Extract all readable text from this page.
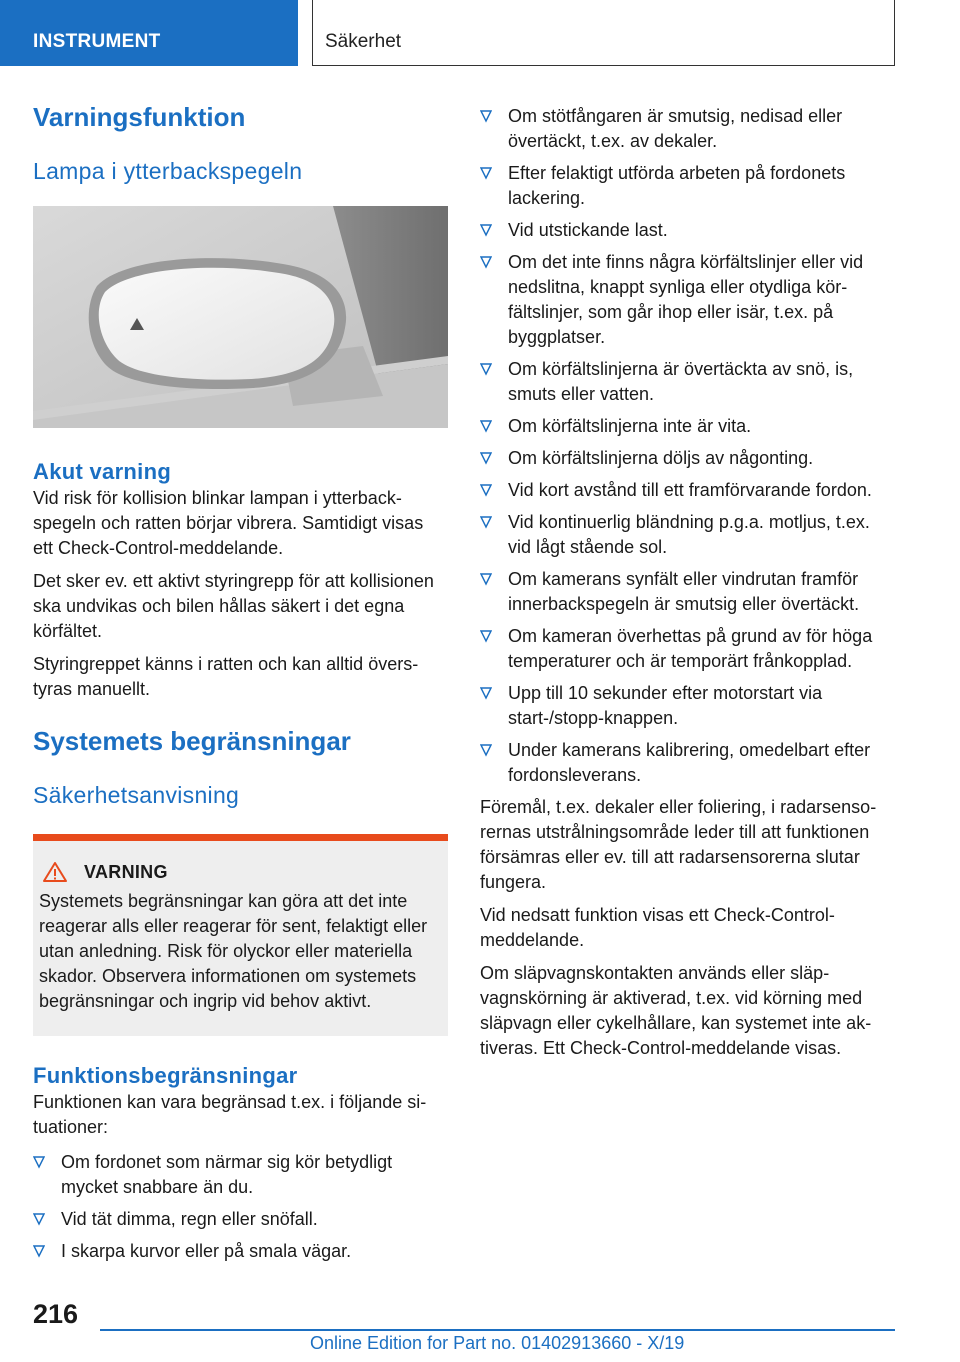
INSTRUMENT	Säkerhet
Varningsfunktion
Lampa i ytterbackspegeln
Akut varning

Vid risk för kollision blinkar lampan i ytterbackspegeln och ratten börjar vibrera. Samtidigt visas ett Check-Control-meddelande.

Det sker ev. ett aktivt styringrepp för att kollisionen ska undvikas och bilen hållas säkert i det egna körfältet.

Styringreppet känns i ratten och kan alltid överstyras manuellt.

Systemets begränsningar
Säkerhetsanvisning
VARNING

Systemets begränsningar kan göra att det inte reagerar alls eller reagerar för sent, felaktigt eller utan anledning. Risk för olyckor eller materiella skador. Observera informationen om systemets begränsningar och ingrip vid behov aktivt.

Funktionsbegränsningar

Funktionen kan vara begränsad t.ex. i följande situationer:

Om fordonet som närmar sig kör betydligt mycket snabbare än du.
Vid tät dimma, regn eller snöfall.
I skarpa kurvor eller på smala vägar.
Om stötfångaren är smutsig, nedisad eller övertäckt, t.ex. av dekaler.
Efter felaktigt utförda arbeten på fordonets lackering.
Vid utstickande last.
Om det inte finns några körfältslinjer eller vid nedslitna, knappt synliga eller otydliga körfältslinjer, som går ihop eller isär, t.ex. på byggplatser.
Om körfältslinjerna är övertäckta av snö, is, smuts eller vatten.
Om körfältslinjerna inte är vita.
Om körfältslinjerna döljs av någonting.
Vid kort avstånd till ett framförvarande fordon.
Vid kontinuerlig bländning p.g.a. motljus, t.ex. vid lågt stående sol.
Om kamerans synfält eller vindrutan framför innerbackspegeln är smutsig eller övertäckt.
Om kameran överhettas på grund av för höga temperaturer och är temporärt frånkopplad.
Upp till 10 sekunder efter motorstart via start-/stopp-knappen.
Under kamerans kalibrering, omedelbart efter fordonsleverans.

Föremål, t.ex. dekaler eller foliering, i radarsensorernas utstrålningsområde leder till att funktionen försämras eller ev. till att radarsensorerna slutar fungera.

Vid nedsatt funktion visas ett Check-Control-meddelande.

Om släpvagnskontakten används eller släpvagnskörning är aktiverad, t.ex. vid körning med släpvagn eller cykelhållare, kan systemet inte aktiveras. Ett Check-Control-meddelande visas.

216
Online Edition for Part no. 01402913660 - X/19
